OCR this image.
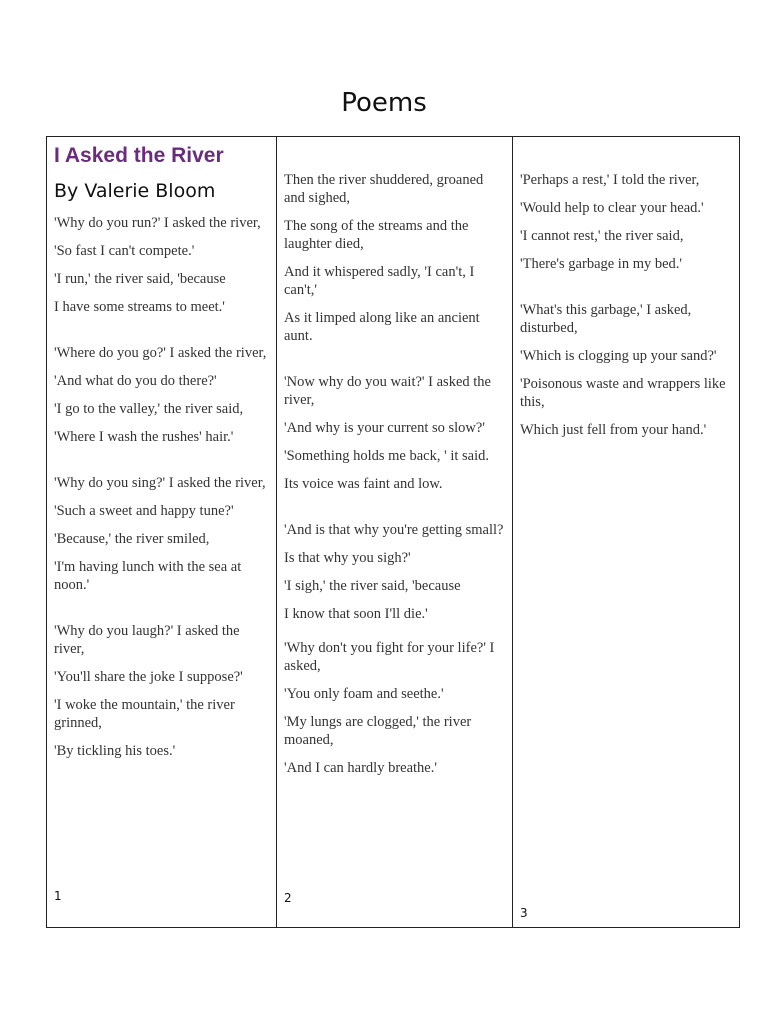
Poems
I Asked the River
By Valerie Bloom

'Why do you run?' I asked the river,

'So fast I can't compete.'

'I run,' the river said, 'because

I have some streams to meet.'

'Where do you go?' I asked the river,

'And what do you do there?'

'I go to the valley,' the river said,

'Where I wash the rushes' hair.'

'Why do you sing?' I asked the river,

'Such a sweet and happy tune?'

'Because,' the river smiled,

'I'm having lunch with the sea at noon.'

'Why do you laugh?' I asked the river,

'You'll share the joke I suppose?'

'I woke the mountain,' the river grinned,

'By tickling his toes.'

1

Then the river shuddered, groaned and sighed,

The song of the streams and the laughter died,

And it whispered sadly, 'I can't, I can't,'

As it limped along like an ancient aunt.

'Now why do you wait?' I asked the river,

'And why is your current so slow?'

'Something holds me back, ' it said.

Its voice was faint and low.

'And is that why you're getting small?

Is that why you sigh?'

'I sigh,' the river said, 'because

I know that soon I'll die.'

'Why don't you fight for your life?' I asked,

'You only foam and seethe.'

'My lungs are clogged,' the river moaned,

'And I can hardly breathe.'

2

'Perhaps a rest,' I told the river,

'Would help to clear your head.'

'I cannot rest,' the river said,

'There's garbage in my bed.'

'What's this garbage,' I asked, disturbed,

'Which is clogging up your sand?'

'Poisonous waste and wrappers like this,

Which just fell from your hand.'

3
